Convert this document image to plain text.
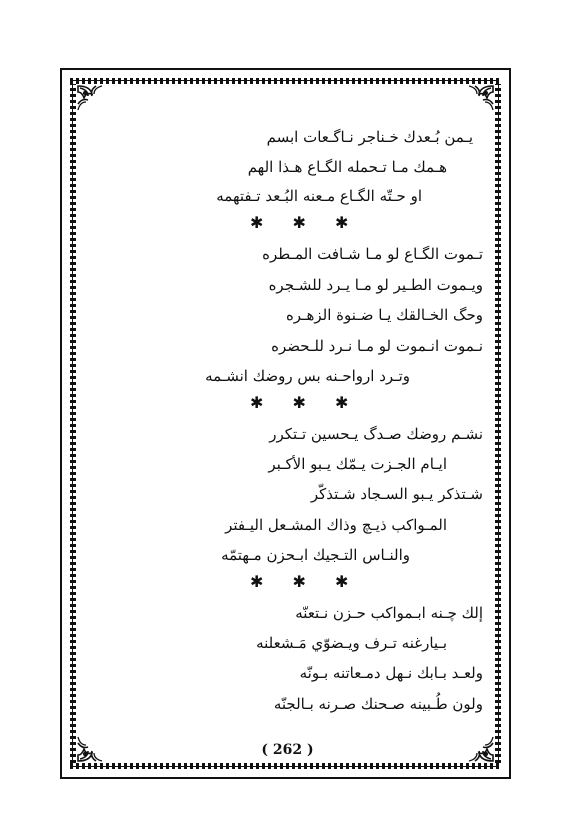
يـمن بُـعدك خـناجر نـاگـعات ابسم
هـمك مـا تـحمله الگـاع هـذا الهم
او حـتّه الگـاع مـعنه البُـعد تـفتهمه
✱ ✱ ✱
تـموت الگـاع لو مـا شـافت المـطره
ويـموت الطـير لو مـا يـرد للشـجره
وحگ الخـالقك يـا ضـنوة الزهـره
نـموت انـموت لو مـا نـرد للـحضره
وتـرد ارواحـنه بس روضك انشـمه
✱ ✱ ✱
نشـم روضك صـدگ يـحسين تـتكرر
ايـام الجـزت يـمّك يـبو الأكـبر
شـتذكر يـبو السـجاد شـتذكّر
المـواكب ذيـچ وذاك المشـعل اليـفتر
والنـاس التـجيك ابـحزن مـهتمّه
✱ ✱ ✱
إلك چـنه ابـمواكب حـزن نـتعنّه
بـيارغنه تـرف ويـضوّي مَـشعلنه
ولعـد بـابك نـهل دمـعاتنه بـونّه
ولون طُـبينه صـحنك صـرنه بـالجنّه
( 262 )
